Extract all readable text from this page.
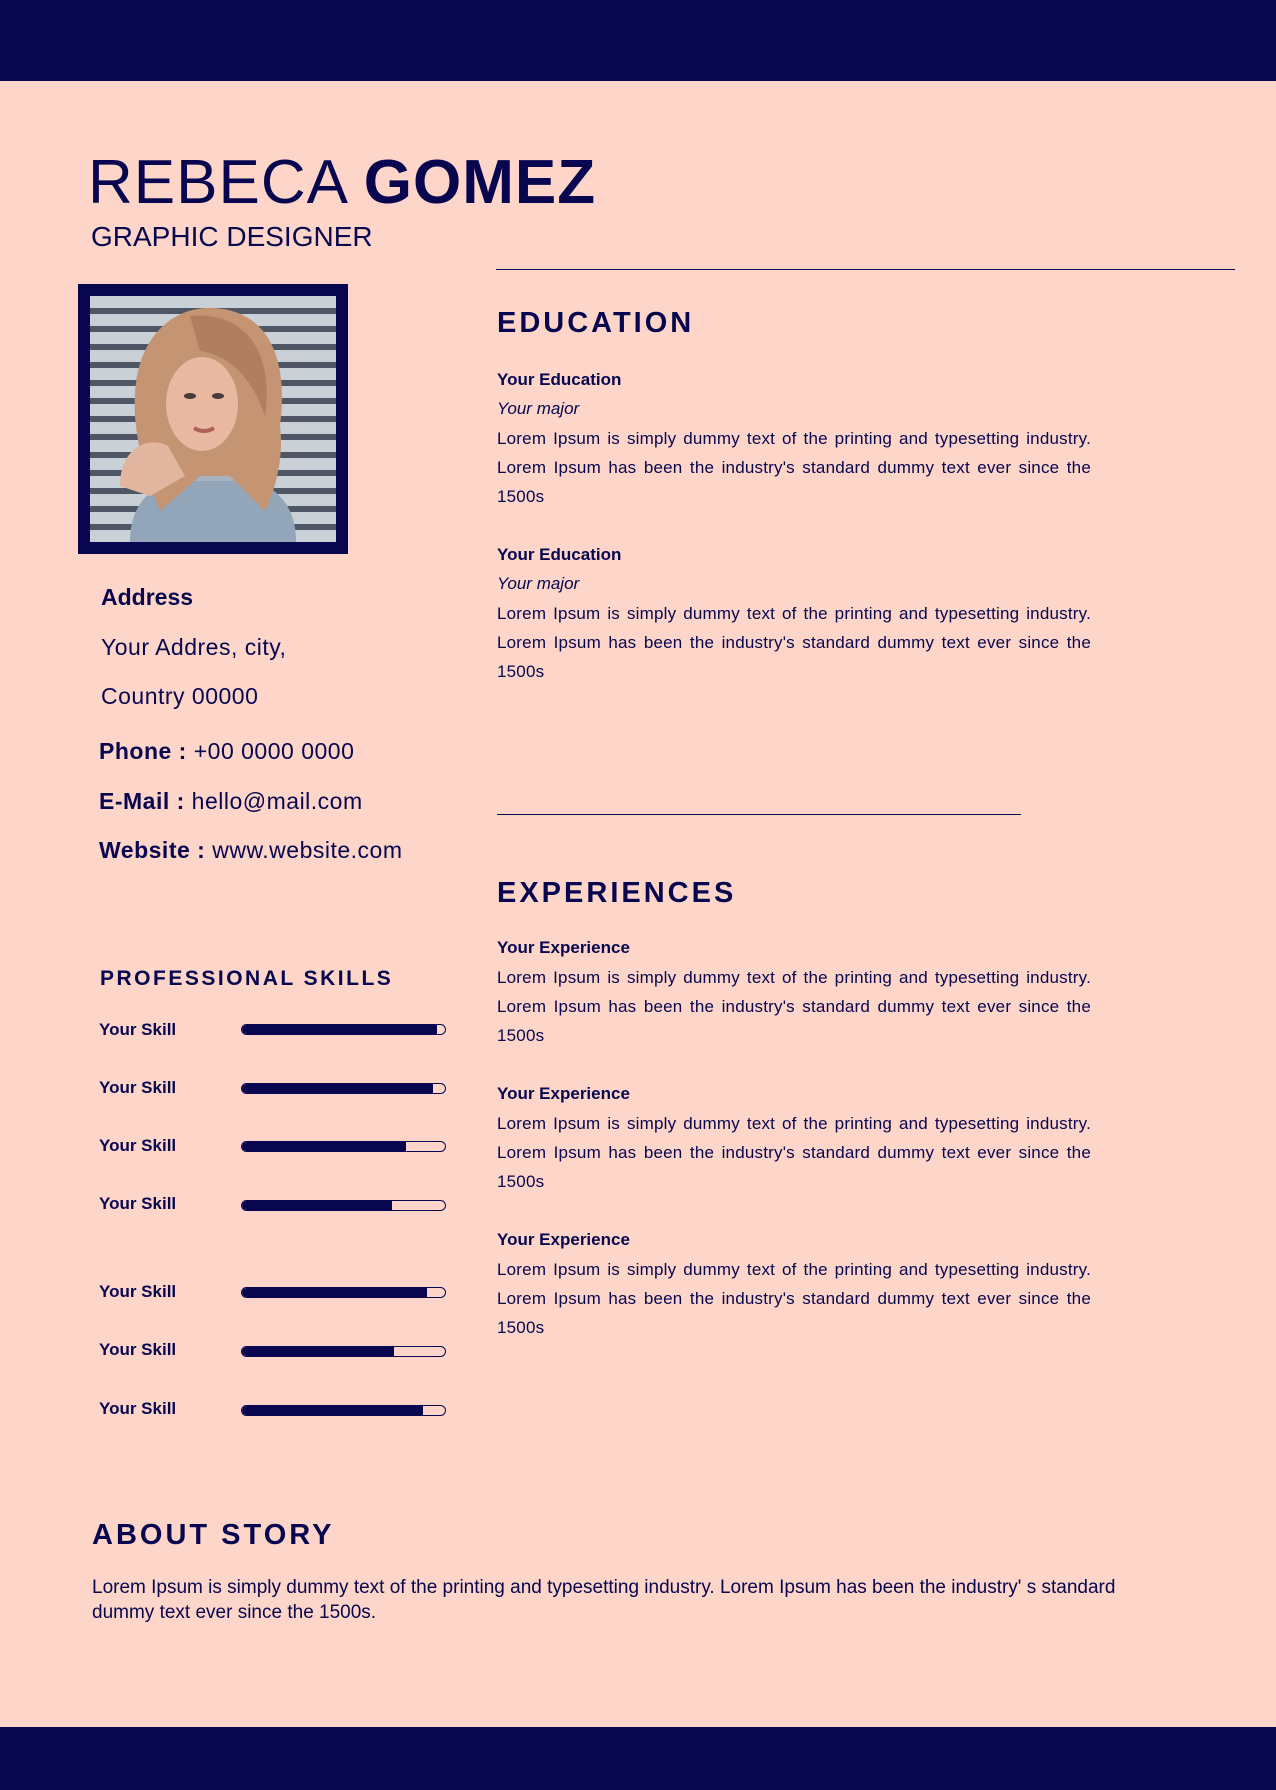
REBECA GOMEZ
GRAPHIC DESIGNER
Address
Your Addres, city,
Country 00000
Phone : +00 0000 0000
E-Mail : hello@mail.com
Website : www.website.com
PROFESSIONAL SKILLS
Your Skill
Your Skill
Your Skill
Your Skill
Your Skill
Your Skill
Your Skill
EDUCATION
Your Education
Your major
Lorem Ipsum is simply dummy text of the printing and typesetting industry. Lorem Ipsum has been the industry's standard dummy text ever since the 1500s
Your Education
Your major
Lorem Ipsum is simply dummy text of the printing and typesetting industry. Lorem Ipsum has been the industry's standard dummy text ever since the 1500s
EXPERIENCES
Your Experience
Lorem Ipsum is simply dummy text of the printing and typesetting industry. Lorem Ipsum has been the industry's standard dummy text ever since the 1500s
Your Experience
Lorem Ipsum is simply dummy text of the printing and typesetting industry. Lorem Ipsum has been the industry's standard dummy text ever since the 1500s
Your Experience
Lorem Ipsum is simply dummy text of the printing and typesetting industry. Lorem Ipsum has been the industry's standard dummy text ever since the 1500s
ABOUT STORY
Lorem Ipsum is simply dummy text of the printing and typesetting industry. Lorem Ipsum has been the industry' s standard dummy text ever since the 1500s.
